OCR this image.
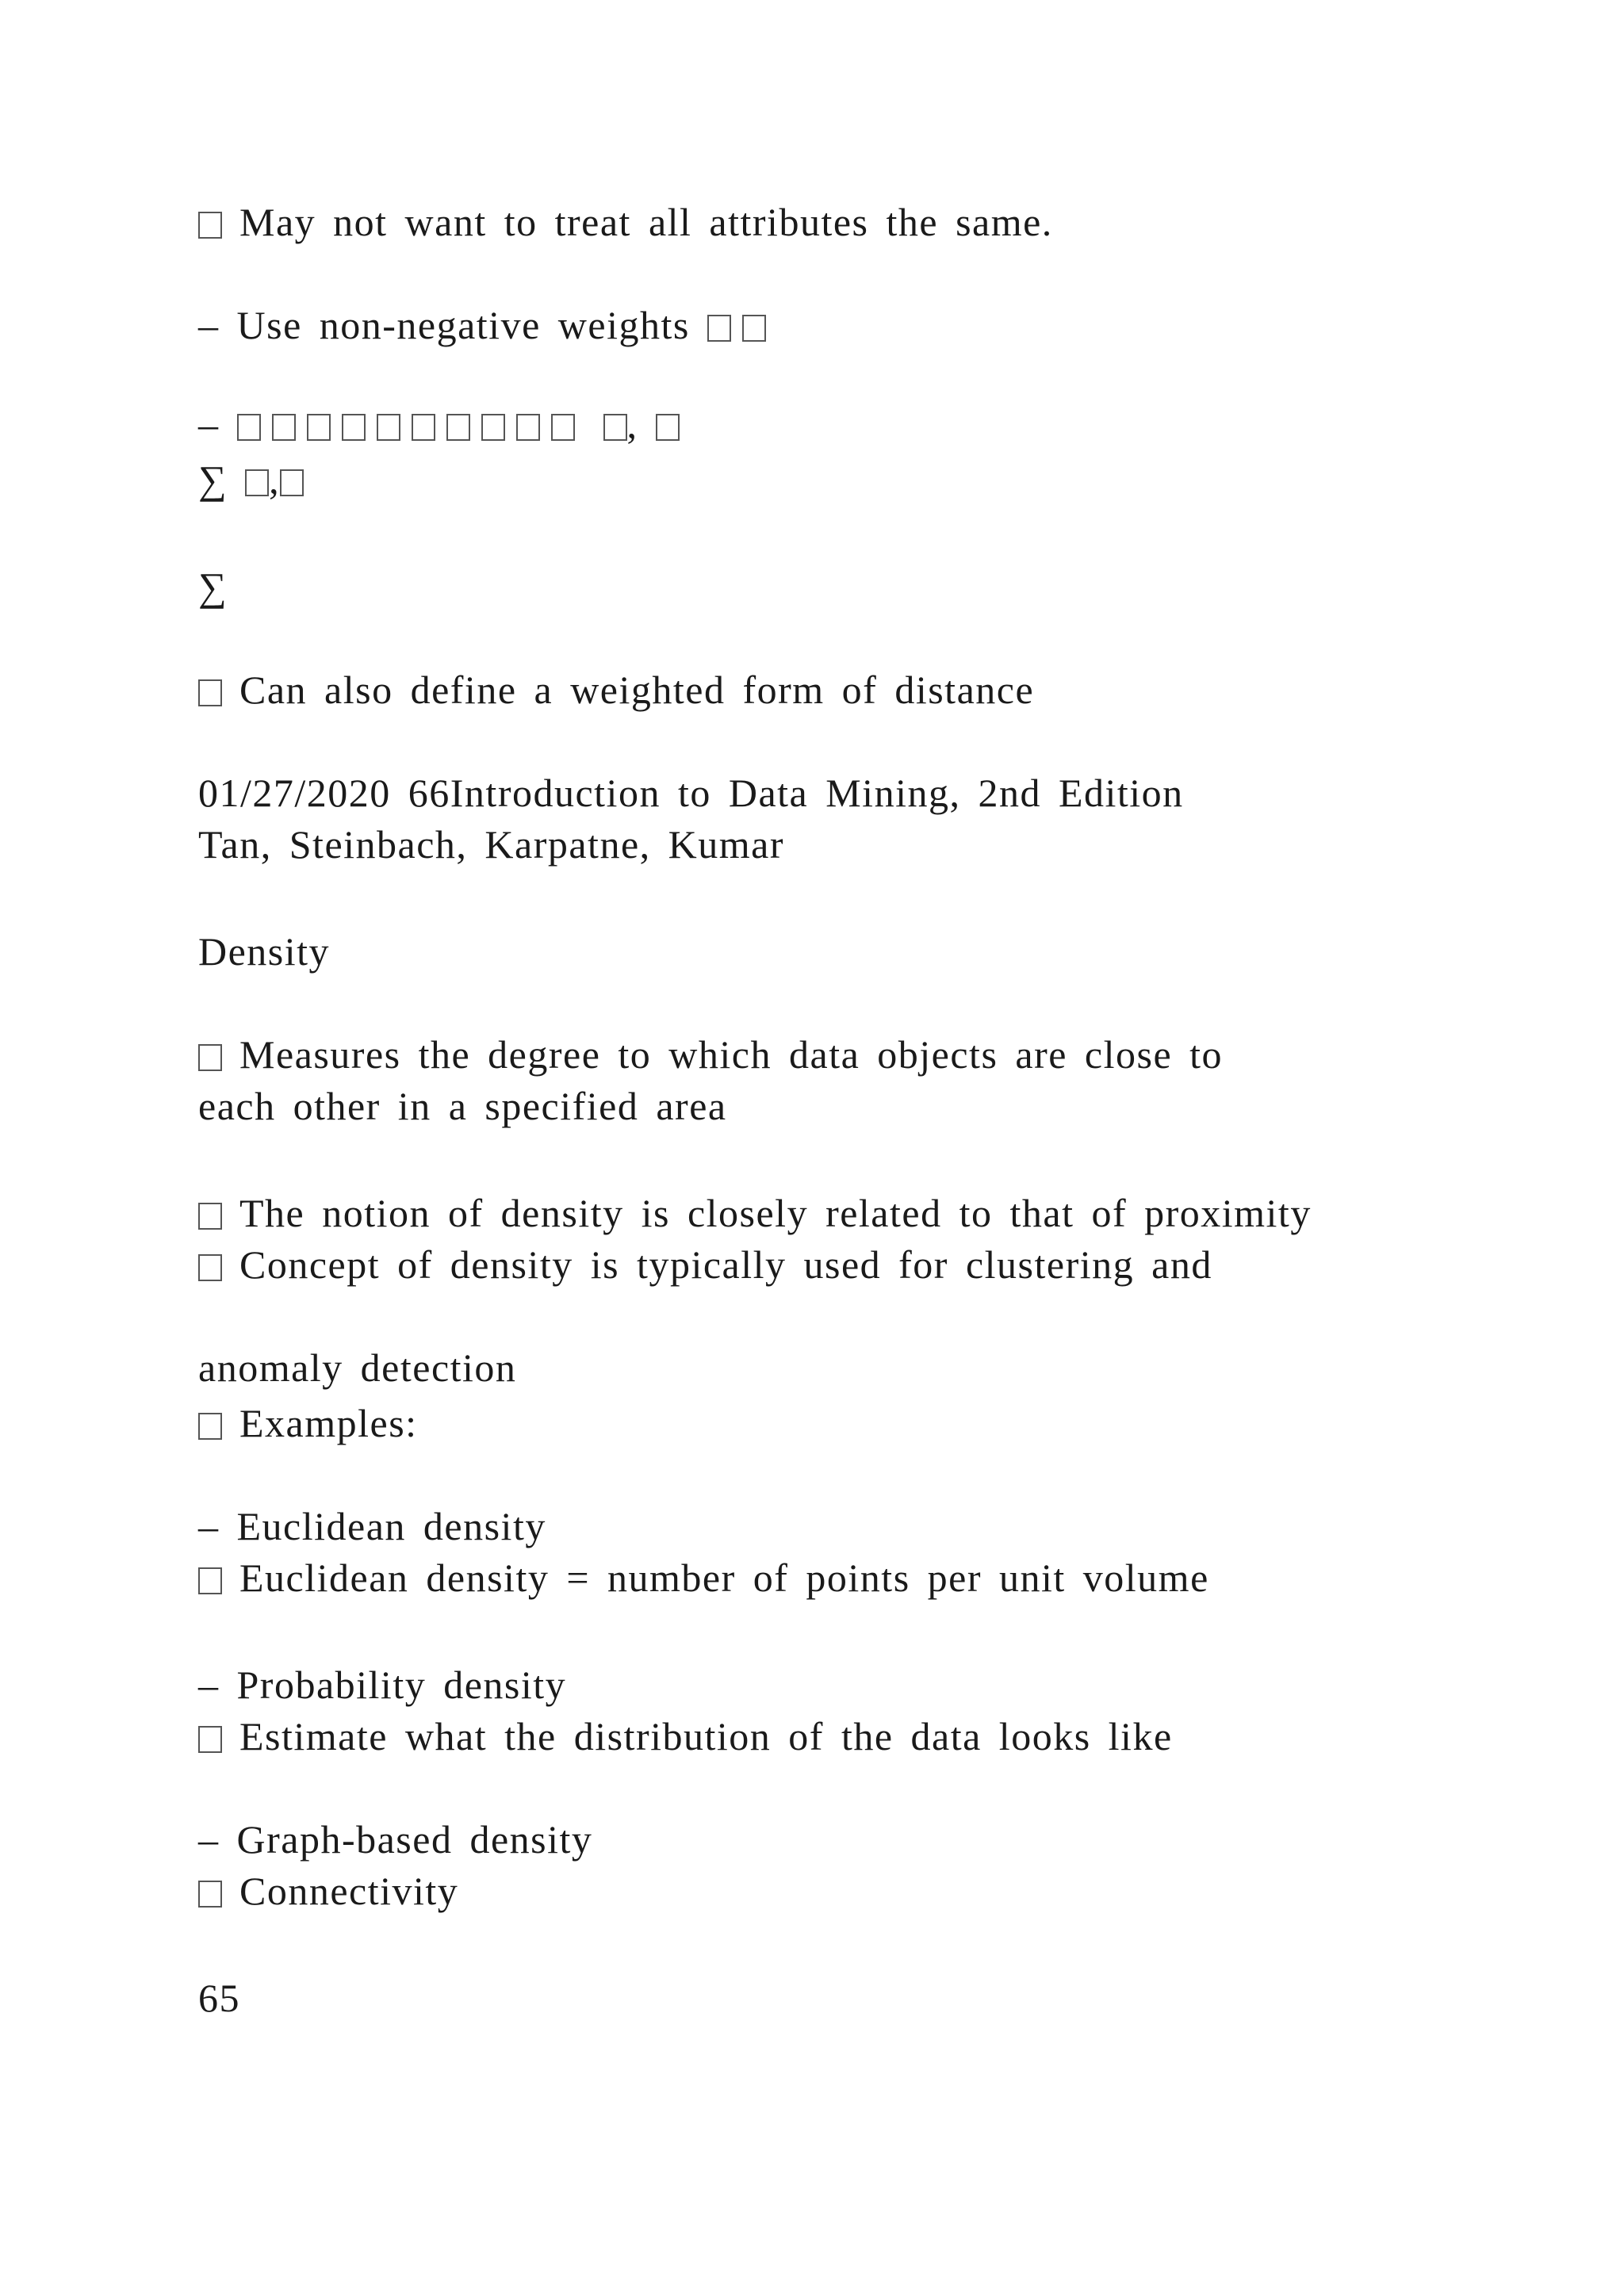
May not want to treat all attributes the same.
– Use non-negative weights
–	,
∑ ,
∑
Can also define a weighted form of distance
01/27/2020 66Introduction to Data Mining, 2nd Edition
Tan, Steinbach, Karpatne, Kumar
Density
Measures the degree to which data objects are close to
each other in a specified area
The notion of density is closely related to that of proximity
Concept of density is typically used for clustering and
anomaly detection
Examples:
– Euclidean density
Euclidean density = number of points per unit volume
– Probability density
Estimate what the distribution of the data looks like
– Graph-based density
Connectivity
65
